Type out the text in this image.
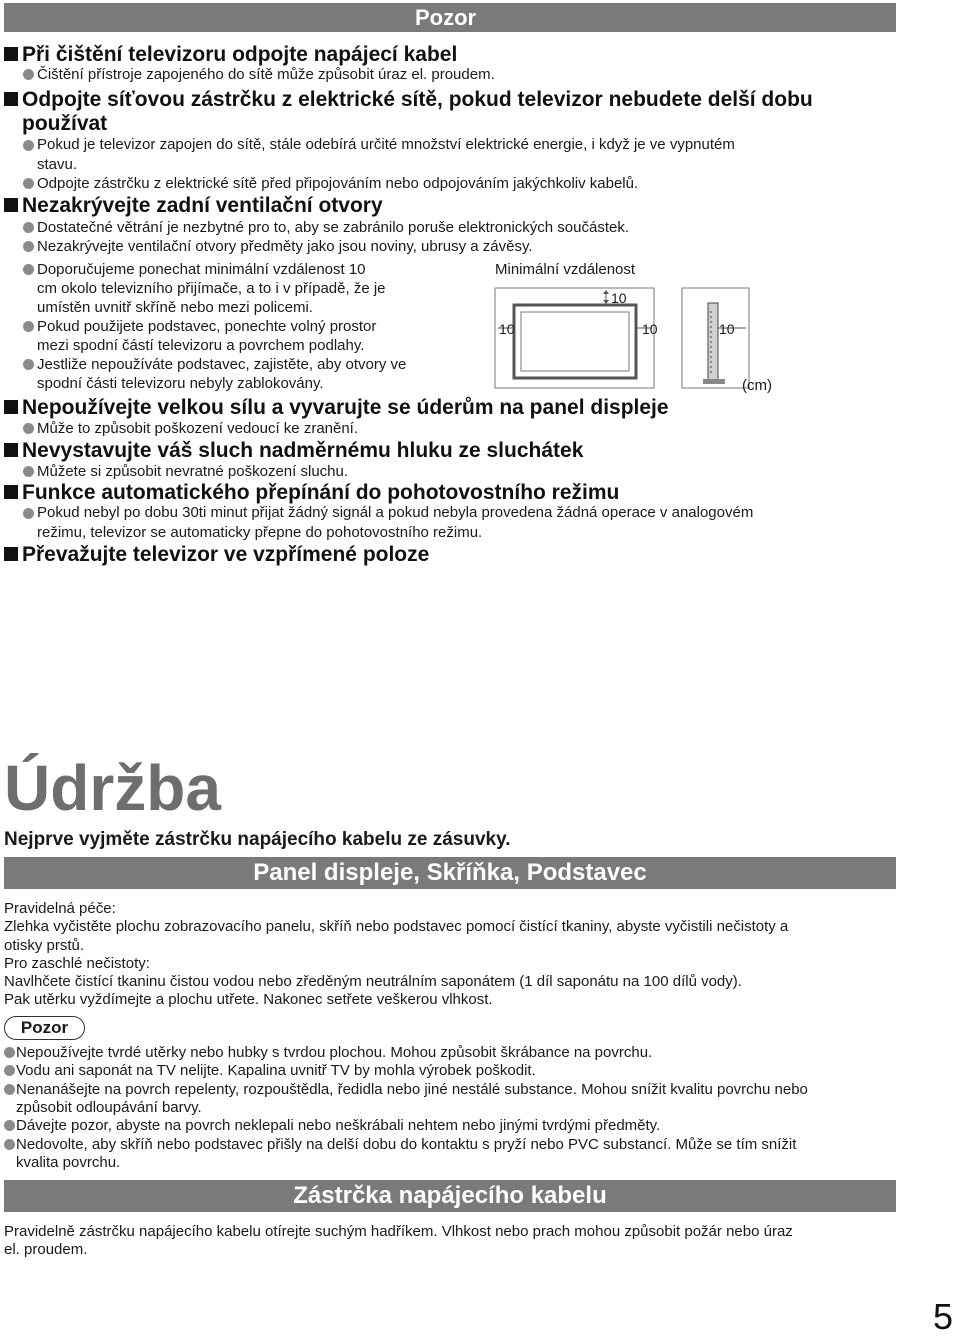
Pozor
Při čištění televizoru odpojte napájecí kabel
Čištění přístroje zapojeného do sítě může způsobit úraz el. proudem.
Odpojte síťovou zástrčku z elektrické sítě, pokud televizor nebudete delší dobu
používat
Pokud je televizor zapojen do sítě, stále odebírá určité množství elektrické energie, i když je ve vypnutém
stavu.
Odpojte zástrčku z elektrické sítě před připojováním nebo odpojováním jakýchkoliv kabelů.
Nezakrývejte zadní ventilační otvory
Dostatečné větrání je nezbytné pro to, aby se zabránilo poruše elektronických součástek.
Nezakrývejte ventilační otvory předměty jako jsou noviny, ubrusy a závěsy.
Doporučujeme ponechat minimální vzdálenost 10
cm okolo televizního přijímače, a to i v případě, že je
umístěn uvnitř skříně nebo mezi policemi.
Pokud použijete podstavec, ponechte volný prostor
mezi spodní částí televizoru a povrchem podlahy.
Jestliže nepoužíváte podstavec, zajistěte, aby otvory ve
spodní části televizoru nebyly zablokovány.
Minimální vzdálenost
10
10	10	10
(cm)
Nepoužívejte velkou sílu a vyvarujte se úderům na panel displeje
Může to způsobit poškození vedoucí ke zranění.
Nevystavujte váš sluch nadměrnému hluku ze sluchátek
Můžete si způsobit nevratné poškození sluchu.
Funkce automatického přepínání do pohotovostního režimu
Pokud nebyl po dobu 30ti minut přijat žádný signál a pokud nebyla provedena žádná operace v analogovém
režimu, televizor se automaticky přepne do pohotovostního režimu.
Převažujte televizor ve vzpřímené poloze
Údržba
Nejprve vyjměte zástrčku napájecího kabelu ze zásuvky.
Panel displeje, Skříňka, Podstavec
Pravidelná péče:
Zlehka vyčistěte plochu zobrazovacího panelu, skříň nebo podstavec pomocí čistící tkaniny, abyste vyčistili nečistoty a
otisky prstů.
Pro zaschlé nečistoty:
Navlhčete čistící tkaninu čistou vodou nebo zředěným neutrálním saponátem (1 díl saponátu na 100 dílů vody).
Pak utěrku vyždímejte a plochu utřete. Nakonec setřete veškerou vlhkost.
Pozor
Nepoužívejte tvrdé utěrky nebo hubky s tvrdou plochou. Mohou způsobit škrábance na povrchu.
Vodu ani saponát na TV nelijte. Kapalina uvnitř TV by mohla výrobek poškodit.
Nenanášejte na povrch repelenty, rozpouštědla, ředidla nebo jiné nestálé substance. Mohou snížit kvalitu povrchu nebo
způsobit odloupávání barvy.
Dávejte pozor, abyste na povrch neklepali nebo neškrábali nehtem nebo jinými tvrdými předměty.
Nedovolte, aby skříň nebo podstavec přišly na delší dobu do kontaktu s pryží nebo PVC substancí. Může se tím snížit
kvalita povrchu.
Zástrčka napájecího kabelu
Pravidelně zástrčku napájecího kabelu otírejte suchým hadříkem. Vlhkost nebo prach mohou způsobit požár nebo úraz
el. proudem.
5
